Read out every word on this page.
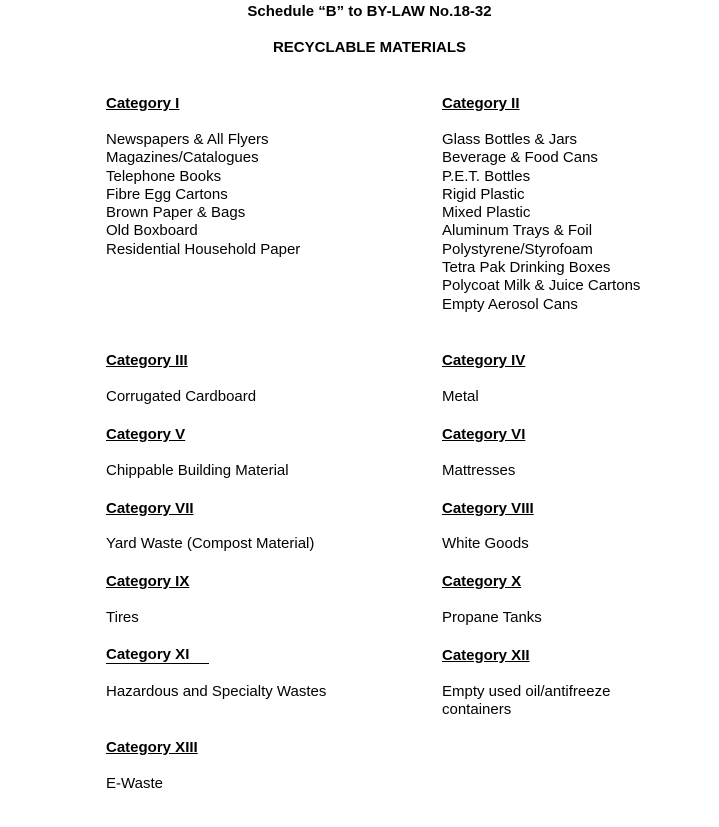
Schedule “B” to BY-LAW No.18-32
RECYCLABLE MATERIALS
Category I
Newspapers & All Flyers
Magazines/Catalogues
Telephone Books
Fibre Egg Cartons
Brown Paper & Bags
Old Boxboard
Residential Household Paper
Category II
Glass Bottles & Jars
Beverage & Food Cans
P.E.T. Bottles
Rigid Plastic
Mixed Plastic
Aluminum Trays & Foil
Polystyrene/Styrofoam
Tetra Pak Drinking Boxes
Polycoat Milk & Juice Cartons
Empty Aerosol Cans
Category III
Corrugated Cardboard
Category IV
Metal
Category V
Chippable Building Material
Category VI
Mattresses
Category VII
Yard Waste (Compost Material)
Category VIII
White Goods
Category IX
Tires
Category X
Propane Tanks
Category XI
Hazardous and Specialty Wastes
Category XII
Empty used oil/antifreeze
containers
Category XIII
E-Waste
